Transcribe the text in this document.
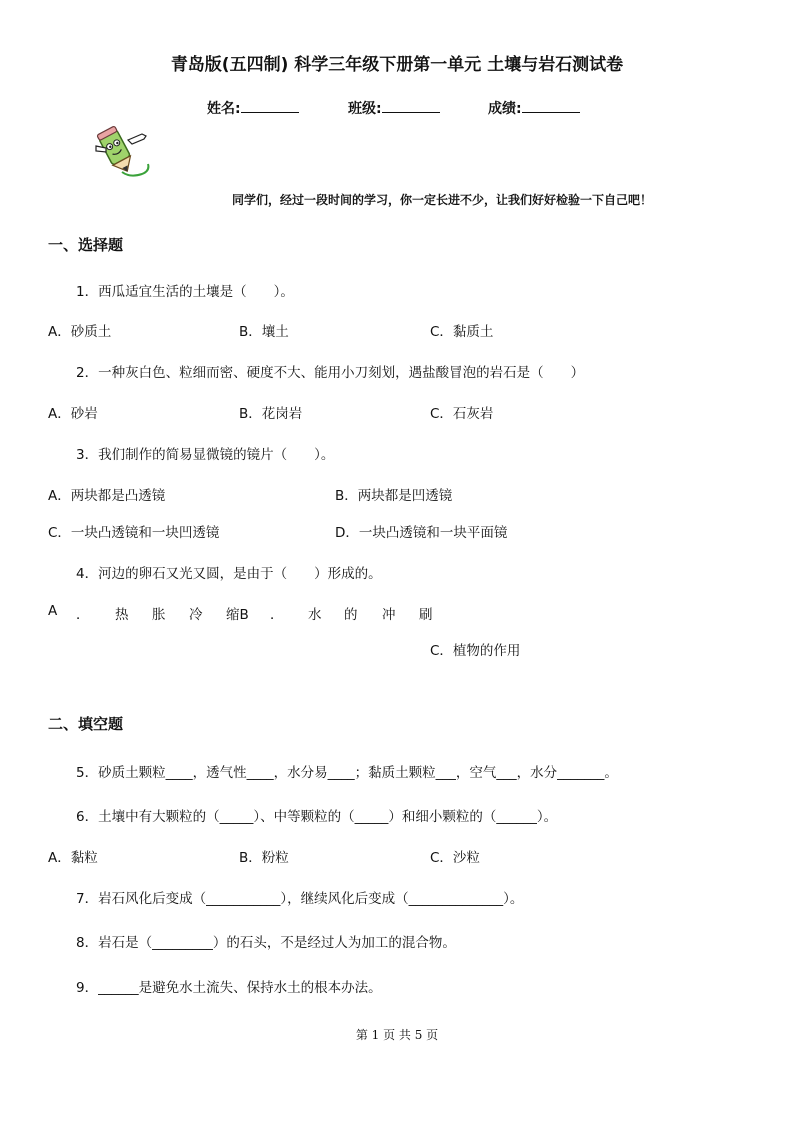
青岛版(五四制) 科学三年级下册第一单元 土壤与岩石测试卷
姓名:	班级:	成绩:
同学们，经过一段时间的学习，你一定长进不少，让我们好好检验一下自己吧！
一、选择题
1．西瓜适宜生活的土壤是（　　）。
A．砂质土	B．壤土	C．黏质土
2．一种灰白色、粒细而密、硬度不大、能用小刀刻划，遇盐酸冒泡的岩石是（　　）
A．砂岩	B．花岗岩	C．石灰岩
3．我们制作的简易显微镜的镜片（　　）。
A．两块都是凸透镜	B．两块都是凹透镜
C．一块凸透镜和一块凹透镜	D．一块凸透镜和一块平面镜
4．河边的卵石又光又圆，是由于（　　）形成的。
A ． 热 胀 冷 缩B ． 水 的 冲 刷
C．植物的作用
二、填空题
5．砂质土颗粒____，透气性____，水分易____；黏质土颗粒___，空气___，水分_______。
6．土壤中有大颗粒的（_____）、中等颗粒的（_____）和细小颗粒的（______）。
A．黏粒	B．粉粒	C．沙粒
7．岩石风化后变成（___________），继续风化后变成（______________）。
8．岩石是（_________）的石头，不是经过人为加工的混合物。
9．______是避免水土流失、保持水土的根本办法。
第 1 页 共 5 页
